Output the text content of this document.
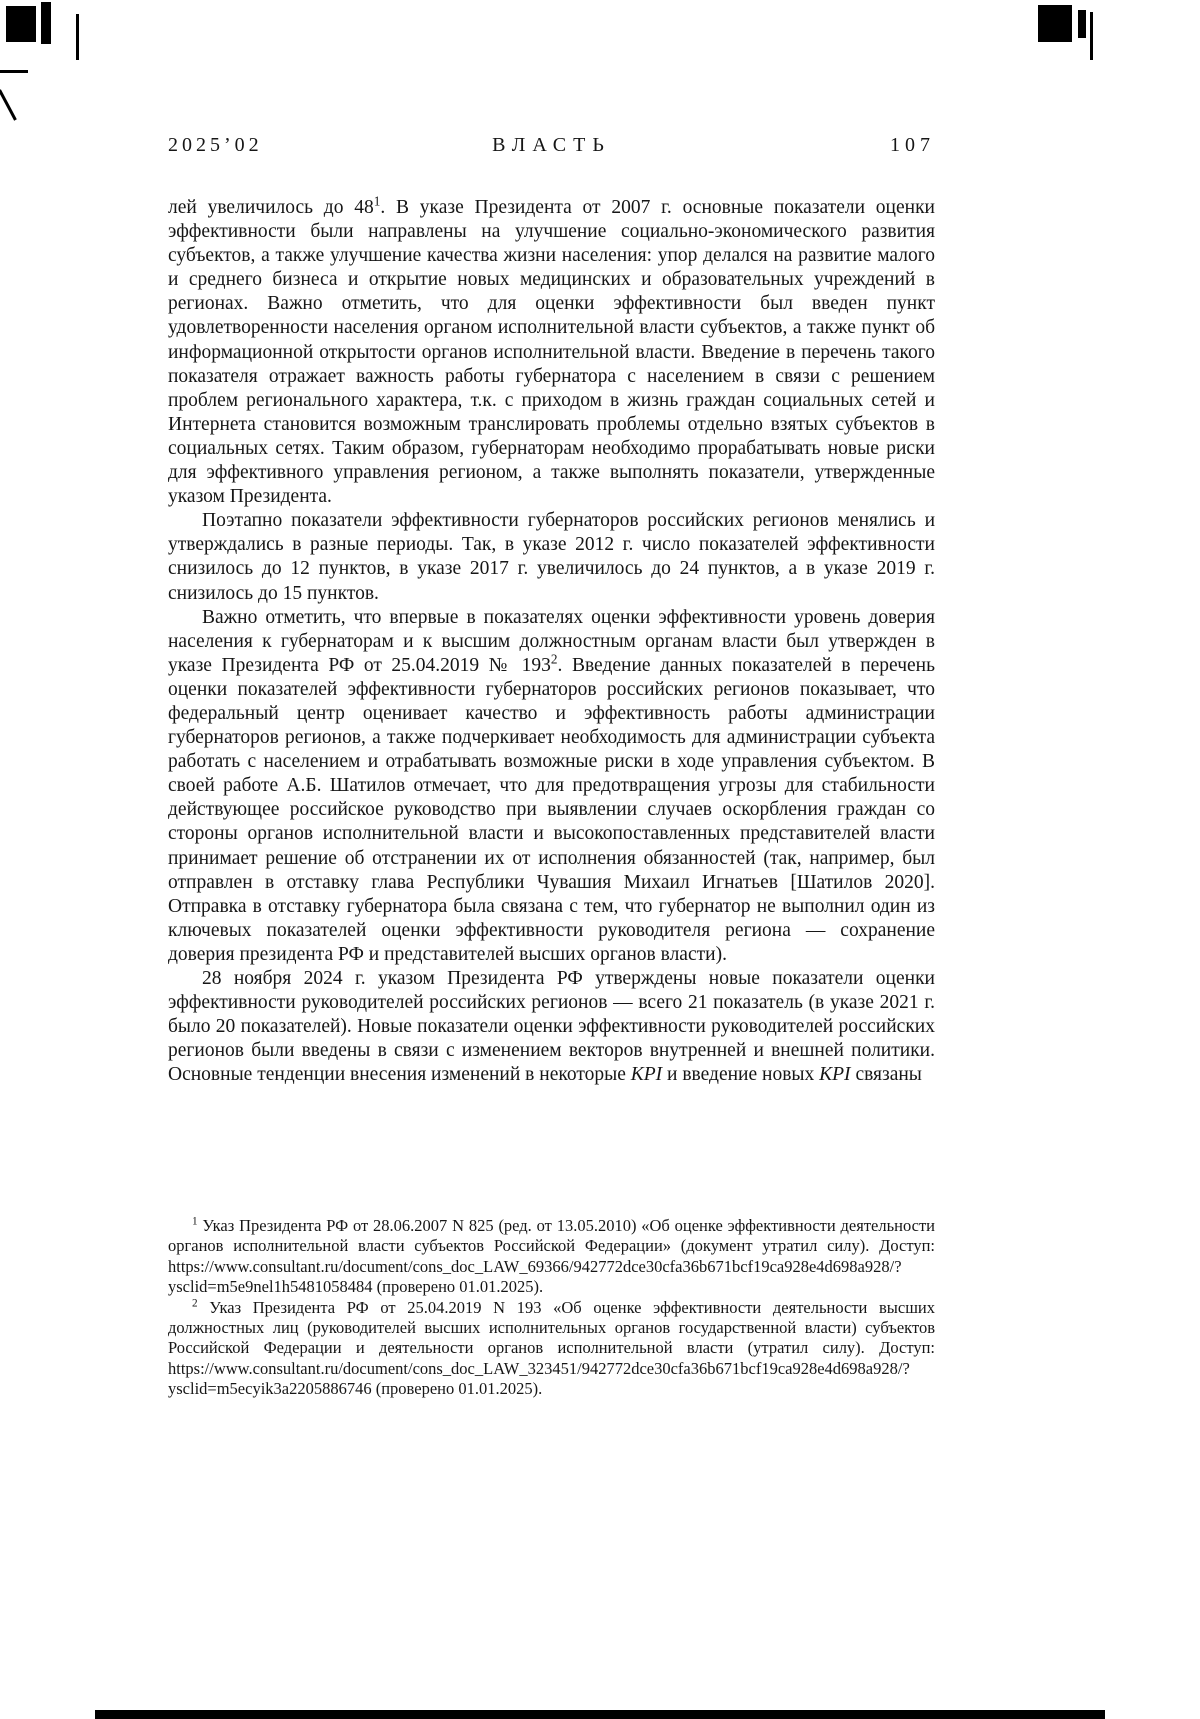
2025’02	ВЛАСТЬ	107

лей увеличилось до $48^1$. В указе Президента от 2007 г. основные показатели оценки эффективности были направлены на улучшение социально-экономического развития субъектов, а также улучшение качества жизни населения: упор делался на развитие малого и среднего бизнеса и открытие новых медицинских и образовательных учреждений в регионах. Важно отметить, что для оценки эффективности был введен пункт удовлетворенности населения органом исполнительной власти субъектов, а также пункт об информационной открытости органов исполнительной власти. Введение в перечень такого показателя отражает важность работы губернатора с населением в связи с решением проблем регионального характера, т.к. с приходом в жизнь граждан социальных сетей и Интернета становится возможным транслировать проблемы отдельно взятых субъектов в социальных сетях. Таким образом, губернаторам необходимо прорабатывать новые риски для эффективного управления регионом, а также выполнять показатели, утвержденные указом Президента.

Поэтапно показатели эффективности губернаторов российских регионов менялись и утверждались в разные периоды. Так, в указе 2012 г. число показателей эффективности снизилось до 12 пунктов, в указе 2017 г. увеличилось до 24 пунктов, а в указе 2019 г. снизилось до 15 пунктов.

Важно отметить, что впервые в показателях оценки эффективности уровень доверия населения к губернаторам и к высшим должностным органам власти был утвержден в указе Президента РФ от 25.04.2019 № $193^2$. Введение данных показателей в перечень оценки показателей эффективности губернаторов российских регионов показывает, что федеральный центр оценивает качество и эффективность работы администрации губернаторов регионов, а также подчеркивает необходимость для администрации субъекта работать с населением и отрабатывать возможные риски в ходе управления субъектом. В своей работе А.Б. Шатилов отмечает, что для предотвращения угрозы для стабильности действующее российское руководство при выявлении случаев оскорбления граждан со стороны органов исполнительной власти и высокопоставленных представителей власти принимает решение об отстранении их от исполнения обязанностей (так, например, был отправлен в отставку глава Республики Чувашия Михаил Игнатьев [Шатилов 2020]. Отправка в отставку губернатора была связана с тем, что губернатор не выполнил один из ключевых показателей оценки эффективности руководителя региона — сохранение доверия президента РФ и представителей высших органов власти).

28 ноября 2024 г. указом Президента РФ утверждены новые показатели оценки эффективности руководителей российских регионов — всего 21 показатель (в указе 2021 г. было 20 показателей). Новые показатели оценки эффективности руководителей российских регионов были введены в связи с изменением векторов внутренней и внешней политики. Основные тенденции внесения изменений в некоторые KPI и введение новых KPI связаны

$^1$ Указ Президента РФ от 28.06.2007 N 825 (ред. от 13.05.2010) «Об оценке эффективности деятельности органов исполнительной власти субъектов Российской Федерации» (документ утратил силу). Доступ: https://www.consultant.ru/document/cons_doc_LAW_69366/942772dce30cfa36b671bcf19ca928e4d698a928/?ysclid=m5e9nel1h5481058484 (проверено 01.01.2025).

$^2$ Указ Президента РФ от 25.04.2019 N 193 «Об оценке эффективности деятельности высших должностных лиц (руководителей высших исполнительных органов государственной власти) субъектов Российской Федерации и деятельности органов исполнительной власти (утратил силу). Доступ: https://www.consultant.ru/document/cons_doc_LAW_323451/942772dce30cfa36b671bcf19ca928e4d698a928/?ysclid=m5ecyik3a2205886746 (проверено 01.01.2025).
